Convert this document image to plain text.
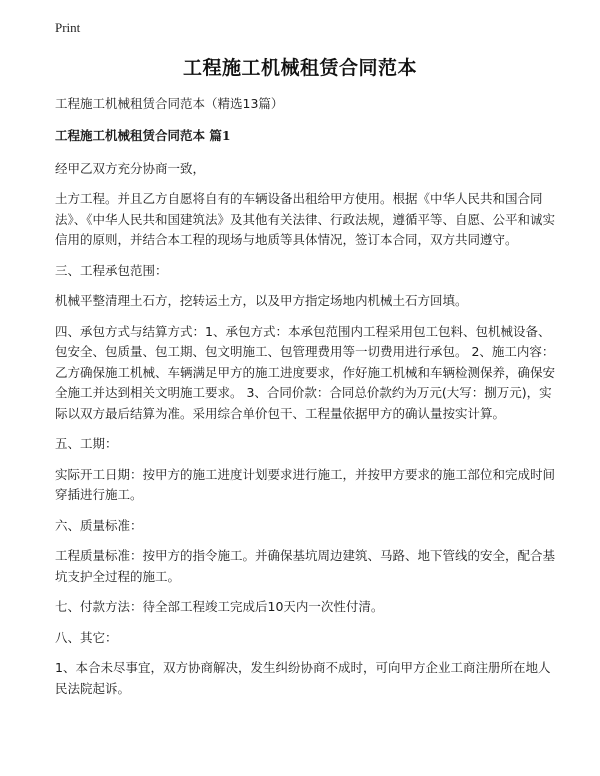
Print
工程施工机械租赁合同范本

工程施工机械租赁合同范本（精选13篇）

工程施工机械租赁合同范本 篇1

经甲乙双方充分协商一致，

土方工程。并且乙方自愿将自有的车辆设备出租给甲方使用。根据《中华人民共和国合同法》、《中华人民共和国建筑法》及其他有关法律、行政法规，遵循平等、自愿、公平和诚实信用的原则，并结合本工程的现场与地质等具体情况，签订本合同，双方共同遵守。

三、工程承包范围：

机械平整清理土石方，挖转运土方，以及甲方指定场地内机械土石方回填。

四、承包方式与结算方式：1、承包方式：本承包范围内工程采用包工包料、包机械设备、包安全、包质量、包工期、包文明施工、包管理费用等一切费用进行承包。 2、施工内容：乙方确保施工机械、车辆满足甲方的施工进度要求，作好施工机械和车辆检测保养，确保安全施工并达到相关文明施工要求。 3、合同价款：合同总价款约为万元(大写：捌万元)，实际以双方最后结算为准。采用综合单价包干、工程量依据甲方的确认量按实计算。

五、工期：

实际开工日期：按甲方的施工进度计划要求进行施工，并按甲方要求的施工部位和完成时间穿插进行施工。

六、质量标准：

工程质量标准：按甲方的指令施工。并确保基坑周边建筑、马路、地下管线的安全，配合基坑支护全过程的施工。

七、付款方法：待全部工程竣工完成后10天内一次性付清。

八、其它：

1、本合未尽事宜，双方协商解决，发生纠纷协商不成时，可向甲方企业工商注册所在地人民法院起诉。
